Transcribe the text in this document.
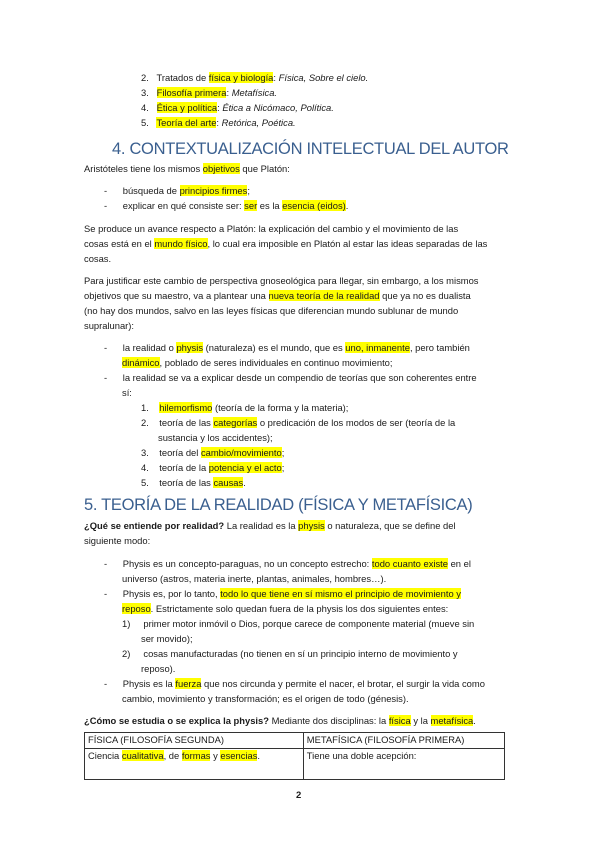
2. Tratados de física y biología: Física, Sobre el cielo.
3. Filosofía primera: Metafísica.
4. Ética y política: Ética a Nicómaco, Política.
5. Teoría del arte: Retórica, Poética.
4. CONTEXTUALIZACIÓN INTELECTUAL DEL AUTOR
Aristóteles tiene los mismos objetivos que Platón:
-      búsqueda de principios firmes;
-      explicar en qué consiste ser: ser es la esencia (eidos).
Se produce un avance respecto a Platón: la explicación del cambio y el movimiento de las
cosas está en el mundo físico, lo cual era imposible en Platón al estar las ideas separadas de las
cosas.
Para justificar este cambio de perspectiva gnoseológica para llegar, sin embargo, a los mismos
objetivos que su maestro, va a plantear una nueva teoría de la realidad que ya no es dualista
(no hay dos mundos, salvo en las leyes físicas que diferencian mundo sublunar de mundo
supralunar):
-      la realidad o physis (naturaleza) es el mundo, que es uno, inmanente, pero también
dinámico, poblado de seres individuales en continuo movimiento;
-      la realidad se va a explicar desde un compendio de teorías que son coherentes entre
sí:
1. hilemorfismo (teoría de la forma y la materia);
2. teoría de las categorías o predicación de los modos de ser (teoría de la
sustancia y los accidentes);
3. teoría del cambio/movimiento;
4. teoría de la potencia y el acto;
5. teoría de las causas.
5. TEORÍA DE LA REALIDAD (FÍSICA Y METAFÍSICA)
¿Qué se entiende por realidad? La realidad es la physis o naturaleza, que se define del
siguiente modo:
-      Physis es un concepto-paraguas, no un concepto estrecho: todo cuanto existe en el
universo (astros, materia inerte, plantas, animales, hombres…).
-      Physis es, por lo tanto, todo lo que tiene en sí mismo el principio de movimiento y
reposo. Estrictamente solo quedan fuera de la physis los dos siguientes entes:
1) primer motor inmóvil o Dios, porque carece de componente material (mueve sin
ser movido);
2) cosas manufacturadas (no tienen en sí un principio interno de movimiento y
reposo).
-      Physis es la fuerza que nos circunda y permite el nacer, el brotar, el surgir la vida como
cambio, movimiento y transformación; es el origen de todo (génesis).
¿Cómo se estudia o se explica la physis? Mediante dos disciplinas: la física y la metafísica.
FÍSICA (FILOSOFÍA SEGUNDA)	METAFÍSICA (FILOSOFÍA PRIMERA)
Ciencia cualitativa, de formas y esencias.	Tiene una doble acepción:
2
